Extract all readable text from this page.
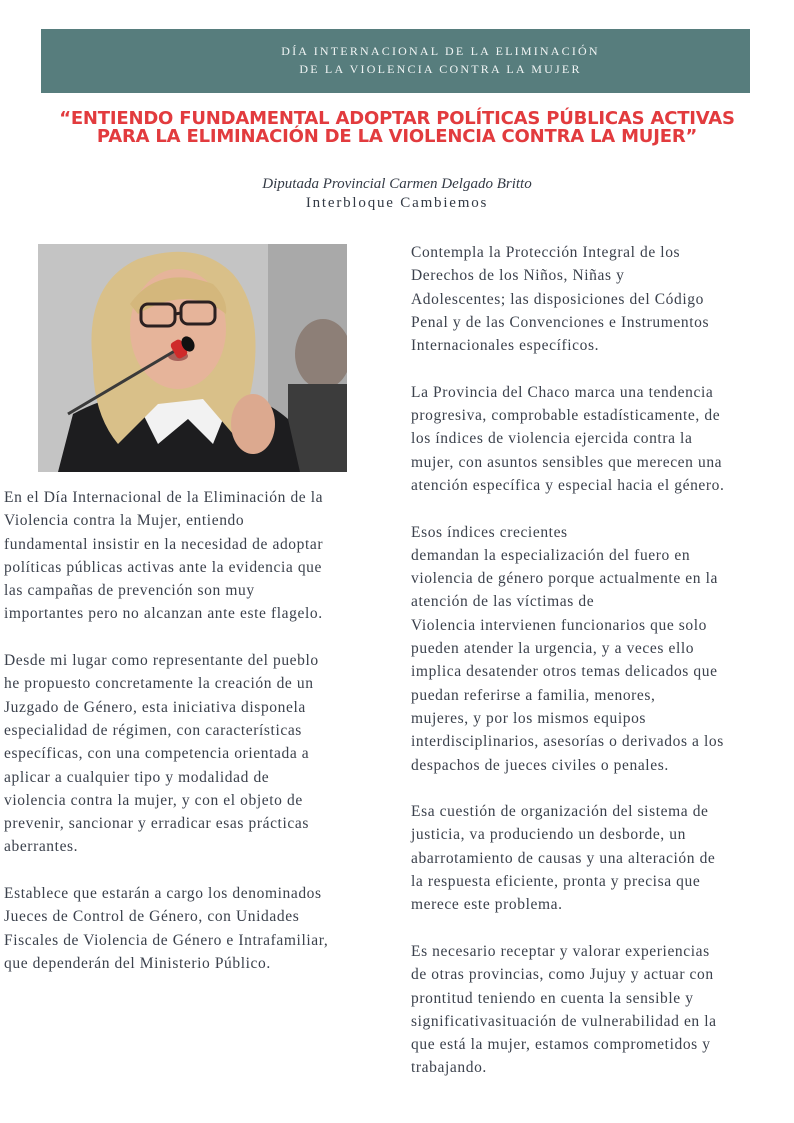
DÍA INTERNACIONAL DE LA ELIMINACIÓN
DE LA VIOLENCIA CONTRA LA MUJER
“ENTIENDO FUNDAMENTAL ADOPTAR POLÍTICAS PÚBLICAS ACTIVAS
PARA LA ELIMINACIÓN DE LA VIOLENCIA CONTRA LA MUJER”
Diputada Provincial Carmen Delgado Britto
Interbloque Cambiemos

En el Día Internacional de la Eliminación de la
Violencia contra la Mujer, entiendo
fundamental insistir en la necesidad de adoptar
políticas públicas activas ante la evidencia que
las campañas de prevención son muy
importantes pero no alcanzan ante este flagelo.

Desde mi lugar como representante del pueblo
he propuesto concretamente la creación de un
Juzgado de Género, esta iniciativa disponela
especialidad de régimen, con características
específicas, con una competencia orientada a
aplicar a cualquier tipo y modalidad de
violencia contra la mujer, y con el objeto de
prevenir, sancionar y erradicar esas prácticas
aberrantes.

Establece que estarán a cargo los denominados
Jueces de Control de Género, con Unidades
Fiscales de Violencia de Género e Intrafamiliar,
que dependerán del Ministerio Público.

Contempla la Protección Integral de los
Derechos de los Niños, Niñas y
Adolescentes; las disposiciones del Código
Penal y de las Convenciones e Instrumentos
Internacionales específicos.

La Provincia del Chaco marca una tendencia
progresiva, comprobable estadísticamente, de
los índices de violencia ejercida contra la
mujer, con asuntos sensibles que merecen una
atención específica y especial hacia el género.

Esos índices crecientes
demandan la especialización del fuero en
violencia de género porque actualmente en la
atención de las víctimas de
Violencia intervienen funcionarios que solo
pueden atender la urgencia, y a veces ello
implica desatender otros temas delicados que
puedan referirse a familia, menores,
mujeres, y por los mismos equipos
interdisciplinarios, asesorías o derivados a los
despachos de jueces civiles o penales.

Esa cuestión de organización del sistema de
justicia, va produciendo un desborde, un
abarrotamiento de causas y una alteración de
la respuesta eficiente, pronta y precisa que
merece este problema.

Es necesario receptar y valorar experiencias
de otras provincias, como Jujuy y actuar con
prontitud teniendo en cuenta la sensible y
significativasituación de vulnerabilidad en la
que está la mujer, estamos comprometidos y
trabajando.
